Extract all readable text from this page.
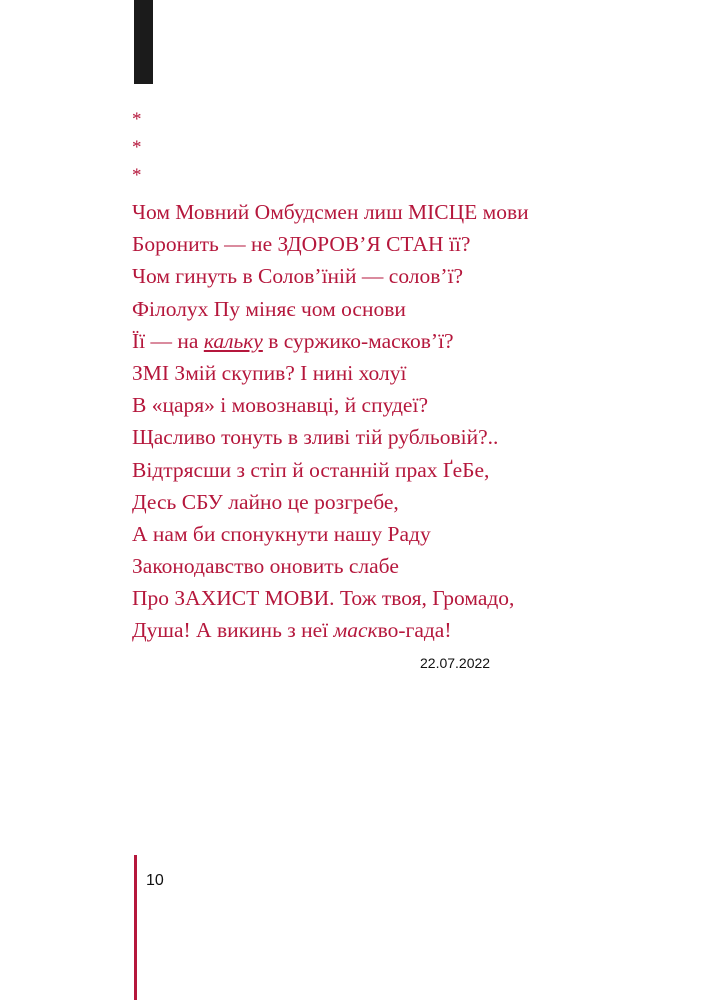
*
*
*
Чом Мовний Омбудсмен лиш МІСЦЕ мови
Боронить — не ЗДОРОВ’Я СТАН її?
Чом гинуть в Солов’їній — солов’ї?
Філолух Пу міняє чом основи
Її — на кальку в суржико-масков’ї?
ЗМІ Змій скупив? І нині холуї
В «царя» і мовознавці, й спудеї?
Щасливо тонуть в зливі тій рубльовій?..
Відтрясши з стіп й останній прах ҐеБе,
Десь СБУ лайно це розгребе,
А нам би спонукнути нашу Раду
Законодавство оновить слабе
Про ЗАХИСТ МОВИ. Тож твоя, Громадо,
Душа! А викинь з неї маскво-гада!
22.07.2022
10
